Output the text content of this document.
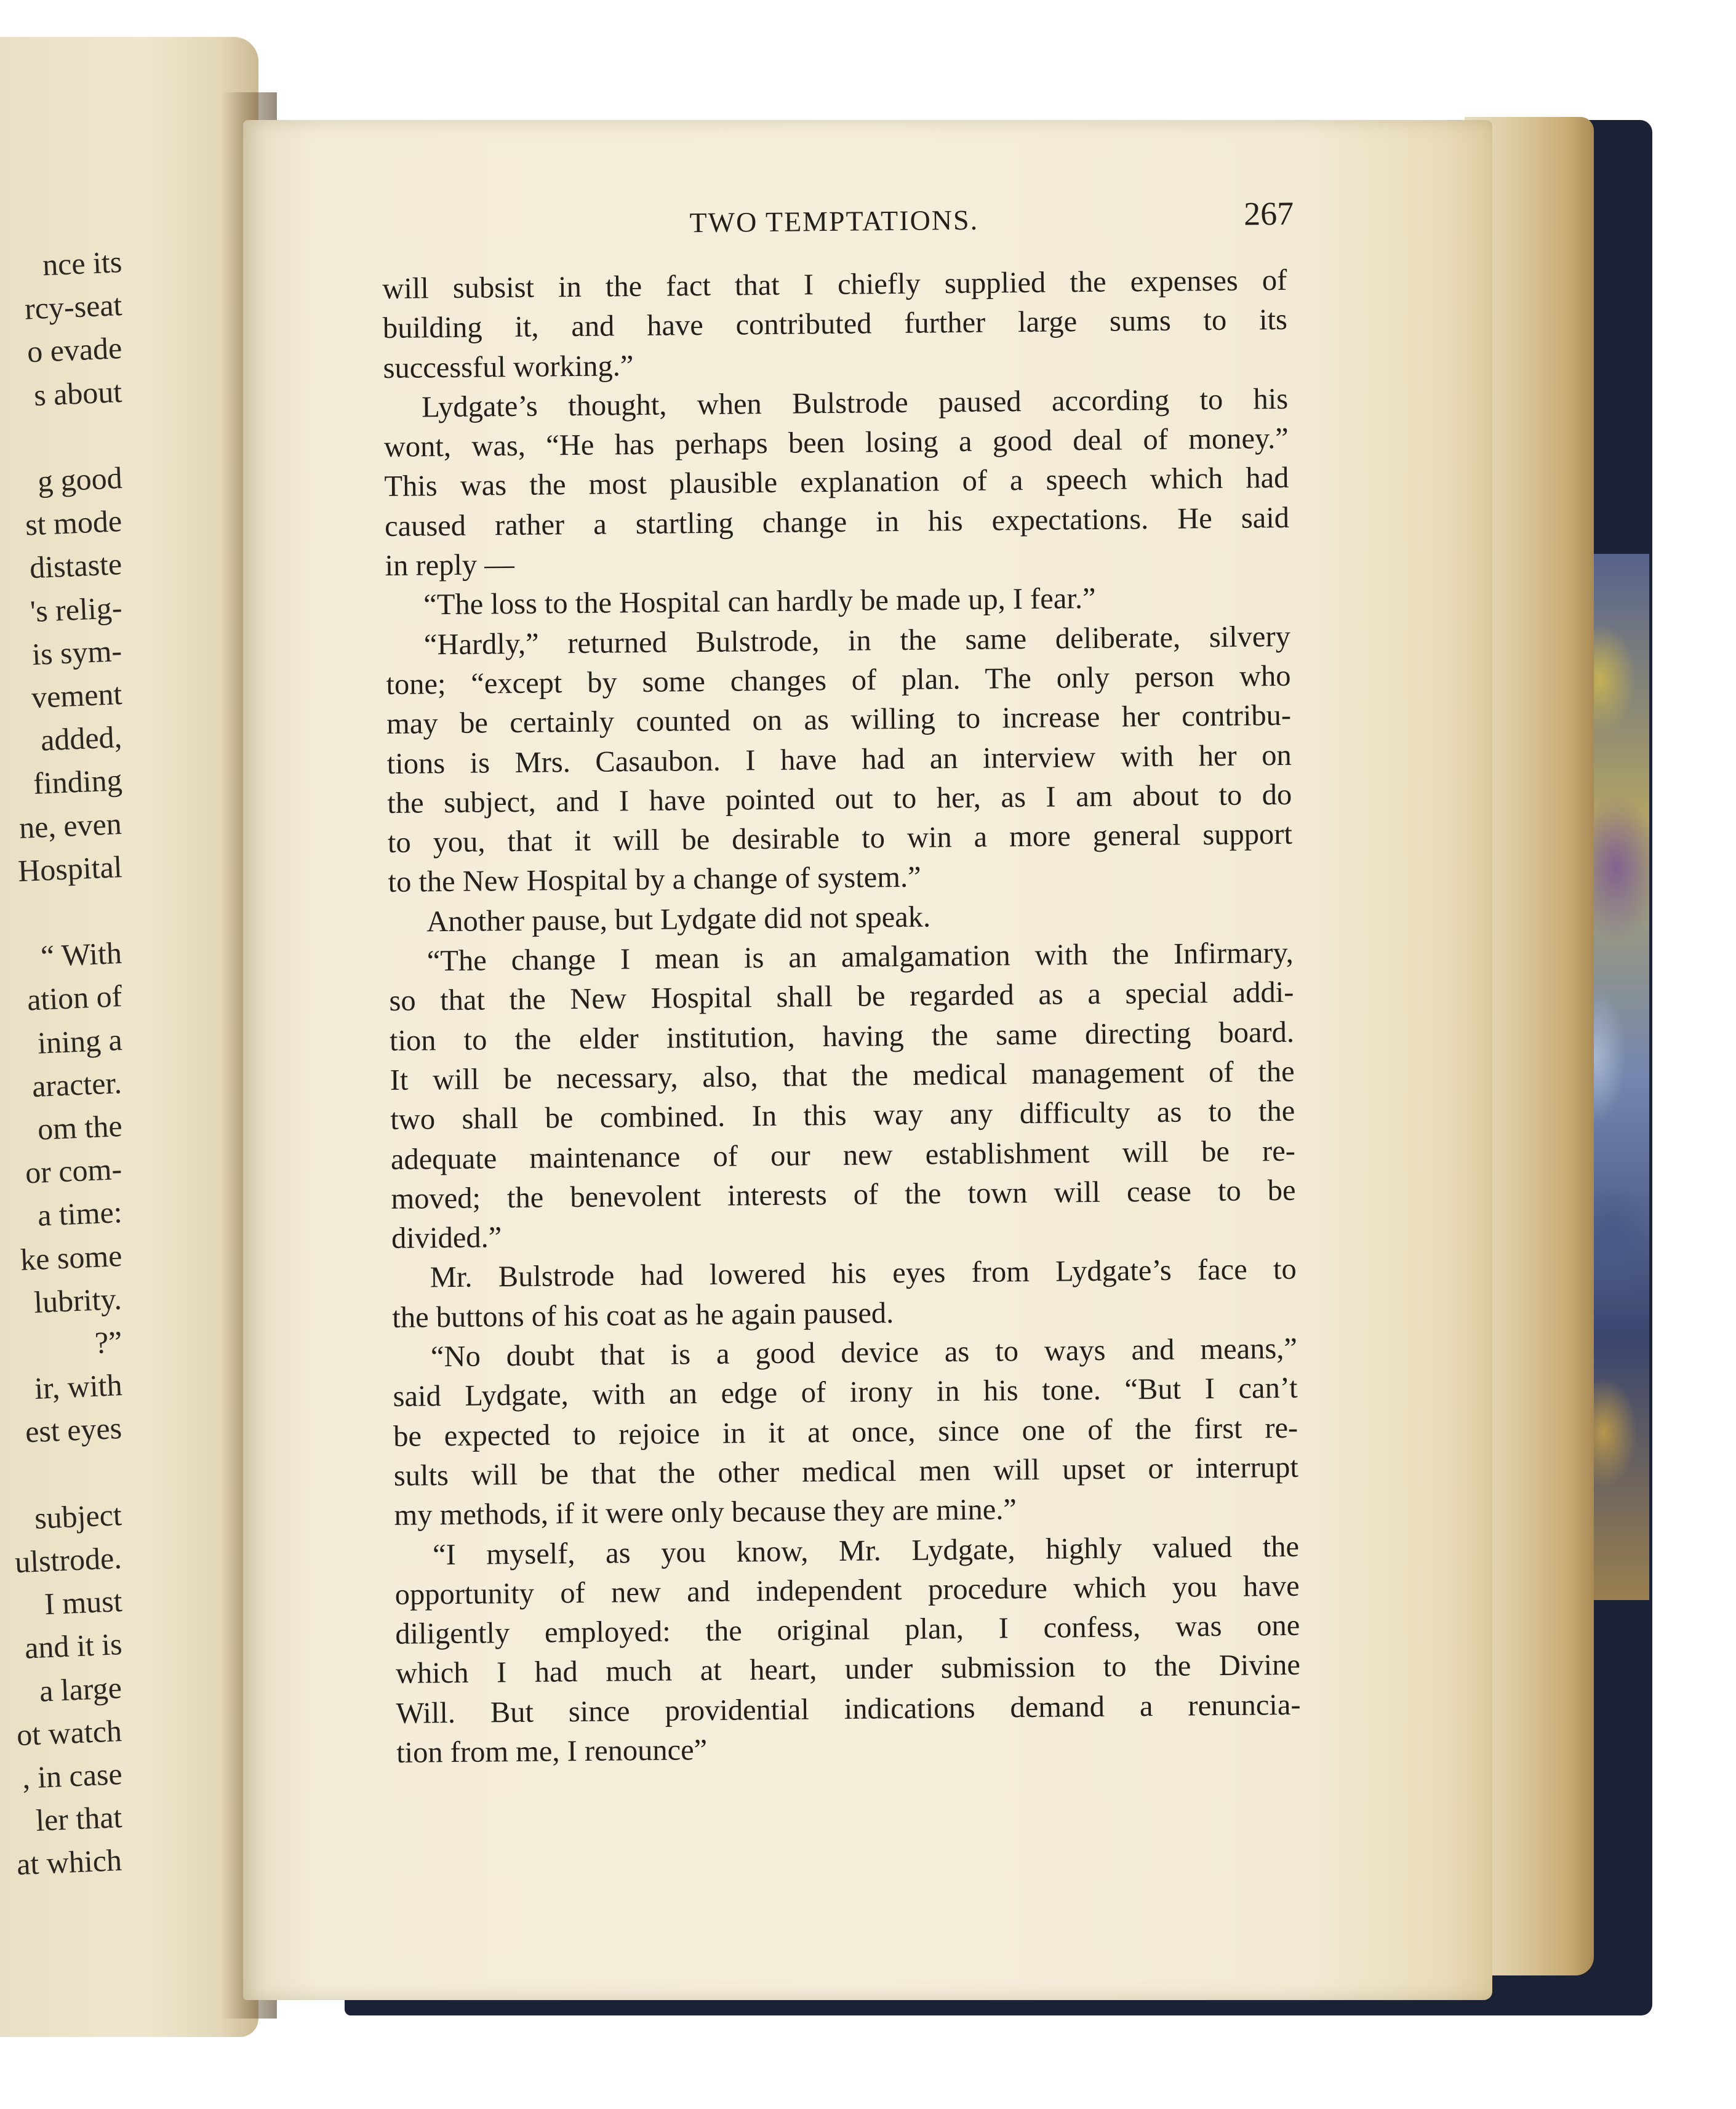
nce its
rcy-seat
o evade
s about
g good
st mode
distaste
's relig-
is sym-
vement
added,
finding
ne, even
Hospital
“ With
ation of
ining a
aracter.
om the
or com-
a time:
ke some
lubrity.
?”
ir, with
est eyes
subject
ulstrode.
I must
and it is
a large
ot watch
, in case
ler that
at which
TWO TEMPTATIONS.	267
will subsist in the fact that I chiefly supplied the expenses of
building it, and have contributed further large sums to its
successful working.”
Lydgate’s thought, when Bulstrode paused according to his
wont, was, “He has perhaps been losing a good deal of money.”
This was the most plausible explanation of a speech which had
caused rather a startling change in his expectations. He said
in reply —
“The loss to the Hospital can hardly be made up, I fear.”
“Hardly,” returned Bulstrode, in the same deliberate, silvery
tone; “except by some changes of plan. The only person who
may be certainly counted on as willing to increase her contribu-
tions is Mrs. Casaubon. I have had an interview with her on
the subject, and I have pointed out to her, as I am about to do
to you, that it will be desirable to win a more general support
to the New Hospital by a change of system.”
Another pause, but Lydgate did not speak.
“The change I mean is an amalgamation with the Infirmary,
so that the New Hospital shall be regarded as a special addi-
tion to the elder institution, having the same directing board.
It will be necessary, also, that the medical management of the
two shall be combined. In this way any difficulty as to the
adequate maintenance of our new establishment will be re-
moved; the benevolent interests of the town will cease to be
divided.”
Mr. Bulstrode had lowered his eyes from Lydgate’s face to
the buttons of his coat as he again paused.
“No doubt that is a good device as to ways and means,”
said Lydgate, with an edge of irony in his tone. “But I can’t
be expected to rejoice in it at once, since one of the first re-
sults will be that the other medical men will upset or interrupt
my methods, if it were only because they are mine.”
“I myself, as you know, Mr. Lydgate, highly valued the
opportunity of new and independent procedure which you have
diligently employed: the original plan, I confess, was one
which I had much at heart, under submission to the Divine
Will. But since providential indications demand a renuncia-
tion from me, I renounce”
